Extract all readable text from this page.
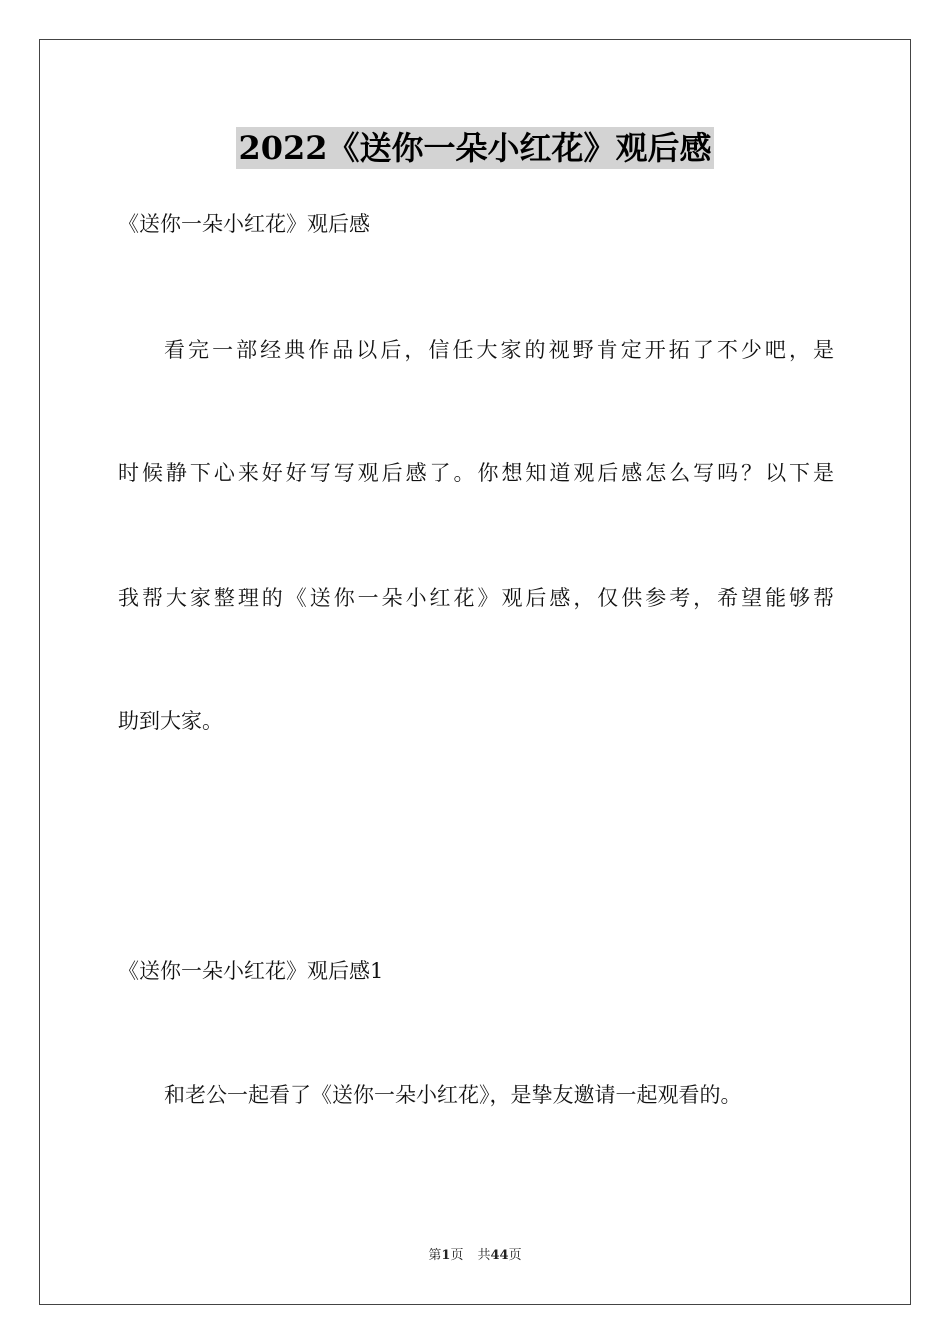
2022《送你一朵小红花》观后感
《送你一朵小红花》观后感
看完一部经典作品以后，信任大家的视野肯定开拓了不少吧，是
时候静下心来好好写写观后感了。你想知道观后感怎么写吗？以下是
我帮大家整理的《送你一朵小红花》观后感，仅供参考，希望能够帮
助到大家。
《送你一朵小红花》观后感1
和老公一起看了《送你一朵小红花》，是挚友邀请一起观看的。
第1页 共44页
